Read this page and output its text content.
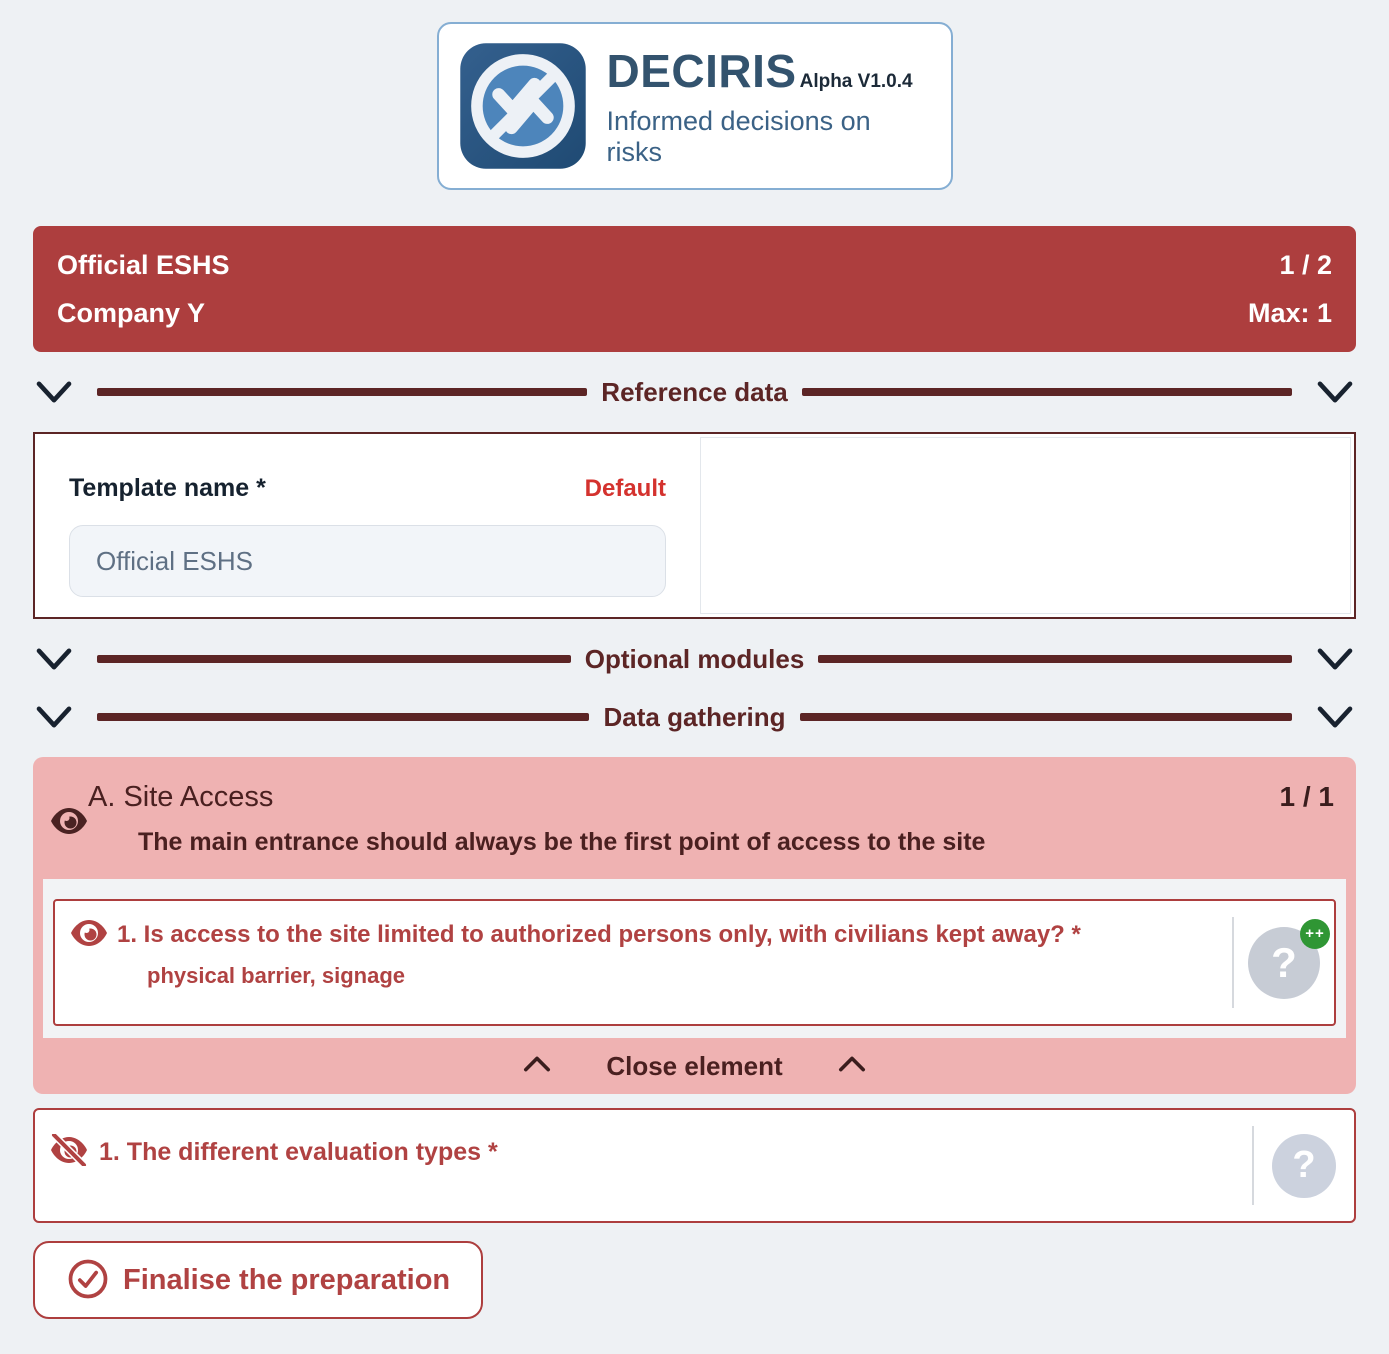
DECIRIS Alpha V1.0.4
Informed decisions on risks
Official ESHS
Company Y
1 / 2
Max: 1
Reference data
Template name *	Default
Official ESHS
Optional modules
Data gathering
A. Site Access	1 / 1
The main entrance should always be the first point of access to the site
1. Is access to the site limited to authorized persons only, with civilians kept away? *
physical barrier, signage	?
++
Close element
1. The different evaluation types *	?
Finalise the preparation
